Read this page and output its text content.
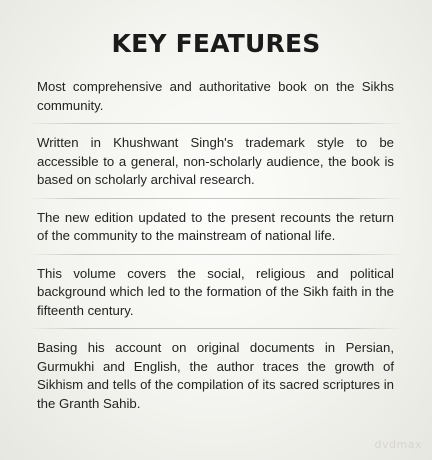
KEY FEATURES
Most comprehensive and authoritative book on the Sikhs community.
Written in Khushwant Singh's trademark style to be accessible to a general, non-scholarly audience, the book is based on scholarly archival research.
The new edition updated to the present recounts the return of the community to the mainstream of national life.
This volume covers the social, religious and political background which led to the formation of the Sikh faith in the fifteenth century.
Basing his account on original documents in Persian, Gurmukhi and English, the author traces the growth of Sikhism and tells of the compilation of its sacred scriptures in the Granth Sahib.
dvdmax
